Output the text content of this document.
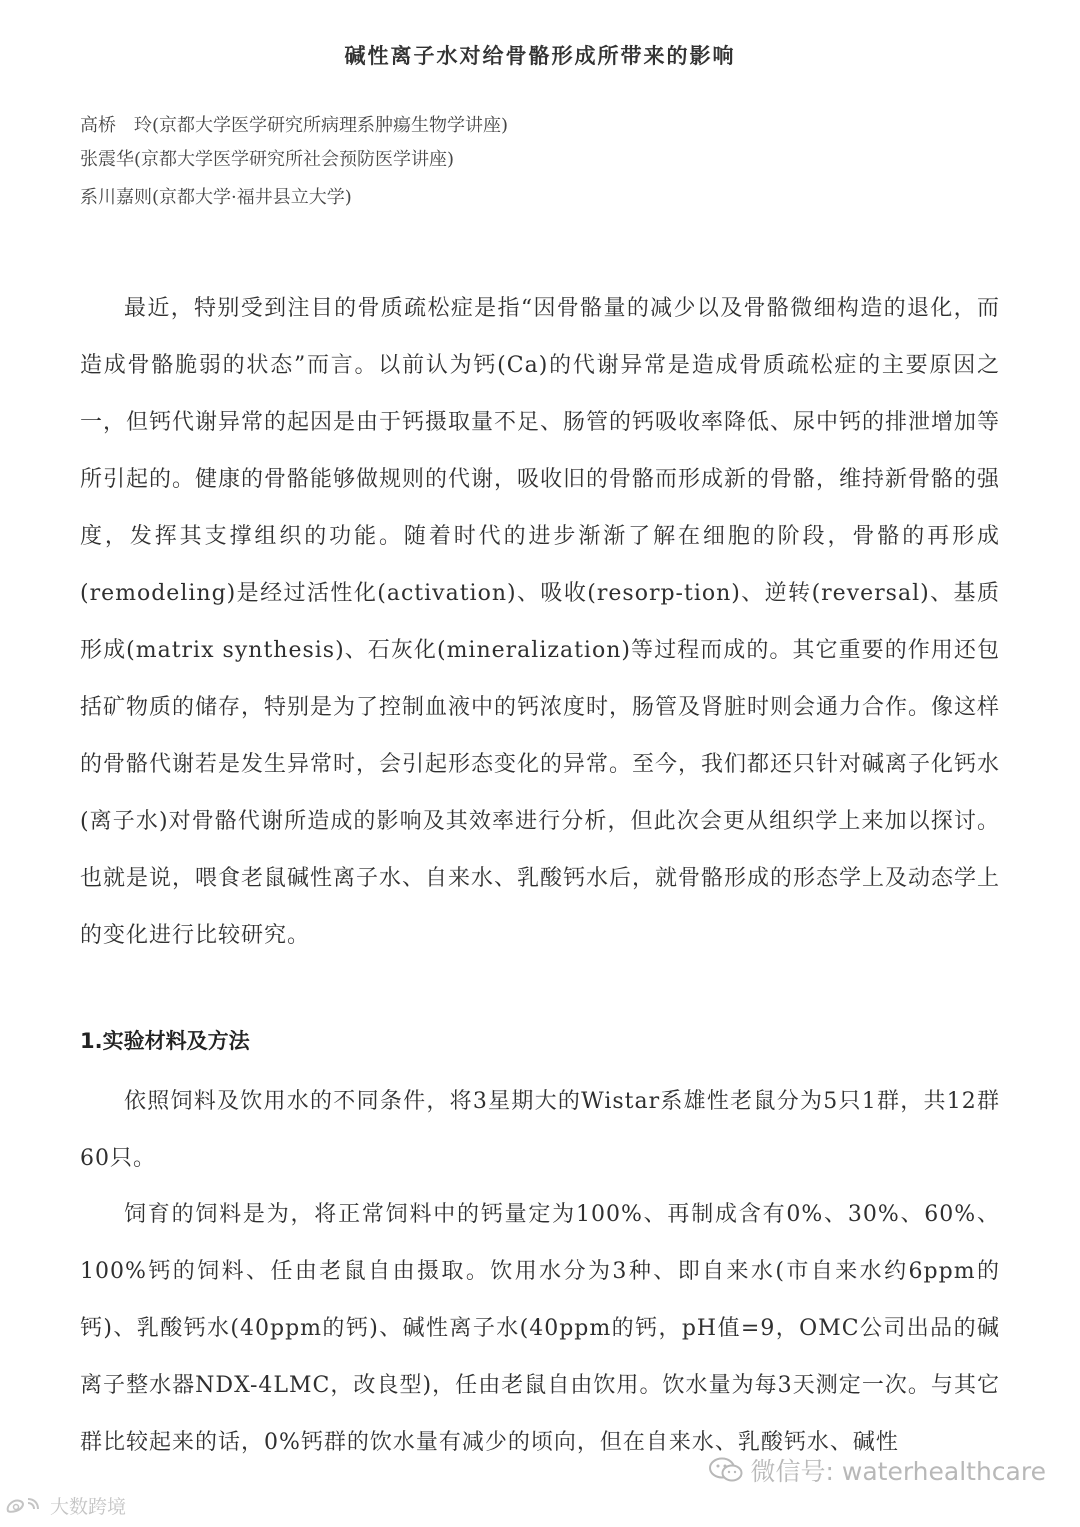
碱性离子水对给骨骼形成所带来的影响
高桥　玲(京都大学医学研究所病理系肿瘍生物学讲座)
张震华(京都大学医学研究所社会预防医学讲座)
系川嘉则(京都大学·福井县立大学)

最近，特别受到注目的骨质疏松症是指“因骨骼量的减少以及骨骼微细构造的退化，而造成骨骼脆弱的状态”而言。以前认为钙(Ca)的代谢异常是造成骨质疏松症的主要原因之一，但钙代谢异常的起因是由于钙摄取量不足、肠管的钙吸收率降低、尿中钙的排泄增加等所引起的。健康的骨骼能够做规则的代谢，吸收旧的骨骼而形成新的骨骼，维持新骨骼的强度，发挥其支撑组织的功能。随着时代的进步渐渐了解在细胞的阶段，骨骼的再形成(remodeling)是经过活性化(activation)、吸收(resorp-tion)、逆转(reversal)、基质形成(matrix synthesis)、石灰化(mineralization)等过程而成的。其它重要的作用还包括矿物质的储存，特别是为了控制血液中的钙浓度时，肠管及肾脏时则会通力合作。像这样的骨骼代谢若是发生异常时，会引起形态变化的异常。至今，我们都还只针对碱离子化钙水(离子水)对骨骼代谢所造成的影响及其效率进行分析，但此次会更从组织学上来加以探讨。也就是说，喂食老鼠碱性离子水、自来水、乳酸钙水后，就骨骼形成的形态学上及动态学上的变化进行比较研究。

1.实验材料及方法

依照饲料及饮用水的不同条件，将3星期大的Wistar系雄性老鼠分为5只1群，共12群60只。

饲育的饲料是为，将正常饲料中的钙量定为100%、再制成含有0%、30%、60%、100%钙的饲料、任由老鼠自由摄取。饮用水分为3种、即自来水(市自来水约6ppm的钙)、乳酸钙水(40ppm的钙)、碱性离子水(40ppm的钙，pH值=9，OMC公司出品的碱离子整水器NDX-4LMC，改良型)，任由老鼠自由饮用。饮水量为每3天测定一次。与其它群比较起来的话，0%钙群的饮水量有减少的顷向，但在自来水、乳酸钙水、碱性

微信号: waterhealthcare
大数跨境
